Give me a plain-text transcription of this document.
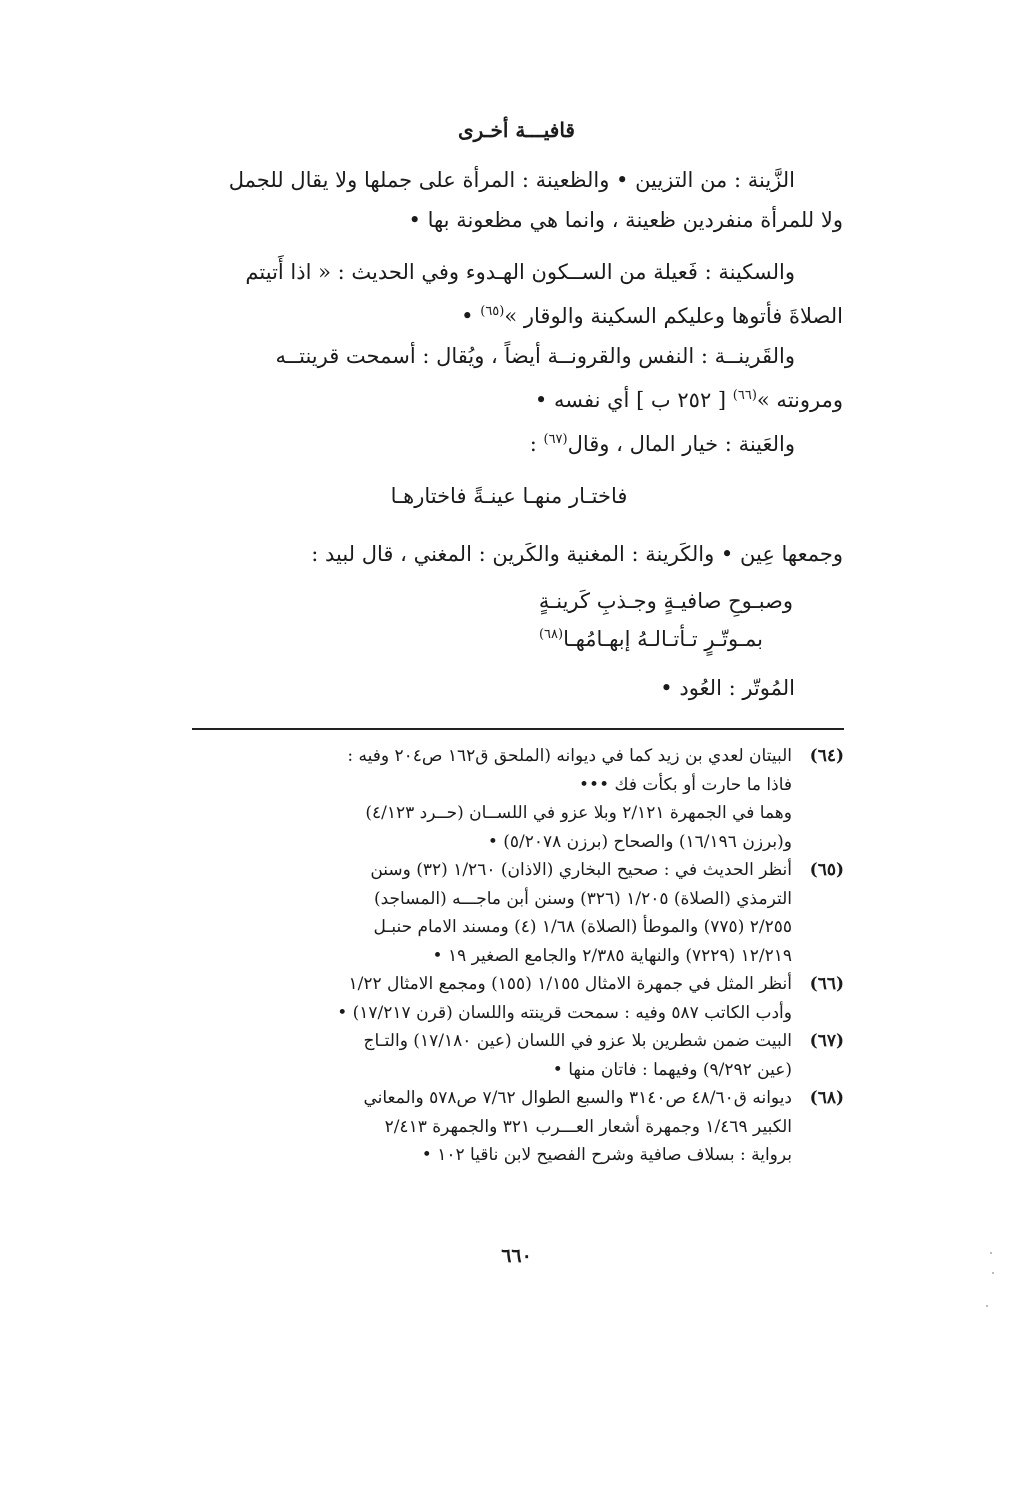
قافيـــة أخـرى

الزَّينة : من التزيين • والظعينة : المرأة على جملها ولا يقال للجمل

ولا للمرأة منفردين ظعينة ، وانما هي مظعونة بها •

والسكينة : فَعيلة من الســكون الهـدوء وفي الحديث : « اذا أَتيتم

الصلاةَ فأتوها وعليكم السكينة والوقار »$^{(٦٥)}$ •

والقَرينــة : النفس والقرونــة أيضاً ، ويُقال : أسمحت قرينتــه

ومرونته »$^{(٦٦)}$ [ ٢٥٢ ب ] أي نفسه •

والعَينة : خيار المال ، وقال$^{(٦٧)}$ :

فاختـار منهـا عينـةً فاختارهـا

وجمعها عِين • والكَرينة : المغنية والكَرين : المغني ، قال لبيد :

وصبـوحِ صافيـةٍ وجـذبِ كَرينـةٍ

بمـوتّـرٍ تـأتـالـهُ إبهـامُهـا$^{(٦٨)}$

المُوتّر : العُود •

(٦٤)
البيتان لعدي بن زيد كما في ديوانه (الملحق ق١٦٢ ص٢٠٤ وفيه :
فاذا ما حارت أو بكأت فك •••
وهما في الجمهرة ٢/١٢١ وبلا عزو في اللســان (حــرد ٤/١٢٣)
و(برزن ١٦/١٩٦) والصحاح (برزن ٥/٢٠٧٨) •
(٦٥)
أنظر الحديث في : صحيح البخاري (الاذان) ١/٢٦٠ (٣٢) وسنن
الترمذي (الصلاة) ١/٢٠٥ (٣٢٦) وسنن أبن ماجـــه (المساجد)
٢/٢٥٥ (٧٧٥) والموطأ (الصلاة) ١/٦٨ (٤) ومسند الامام حنبـل
١٢/٢١٩ (٧٢٢٩) والنهاية ٢/٣٨٥ والجامع الصغير ١٩ •
(٦٦)
أنظر المثل في جمهرة الامثال ١/١٥٥ (١٥٥) ومجمع الامثال ١/٢٢
وأدب الكاتب ٥٨٧ وفيه : سمحت قرينته واللسان (قرن ١٧/٢١٧) •
(٦٧)
البيت ضمن شطرين بلا عزو في اللسان (عين ١٧/١٨٠) والتـاج
(عين ٩/٢٩٢) وفيهما : فاتان منها •
(٦٨)
ديوانه ق٤٨/٦٠ ص٣١٤٠ والسبع الطوال ٧/٦٢ ص٥٧٨ والمعاني
الكبير ١/٤٦٩ وجمهرة أشعار العـــرب ٣٢١ والجمهرة ٢/٤١٣
برواية : بسلاف صافية وشرح الفصيح لابن ناقيا ١٠٢ •
٦٦٠
